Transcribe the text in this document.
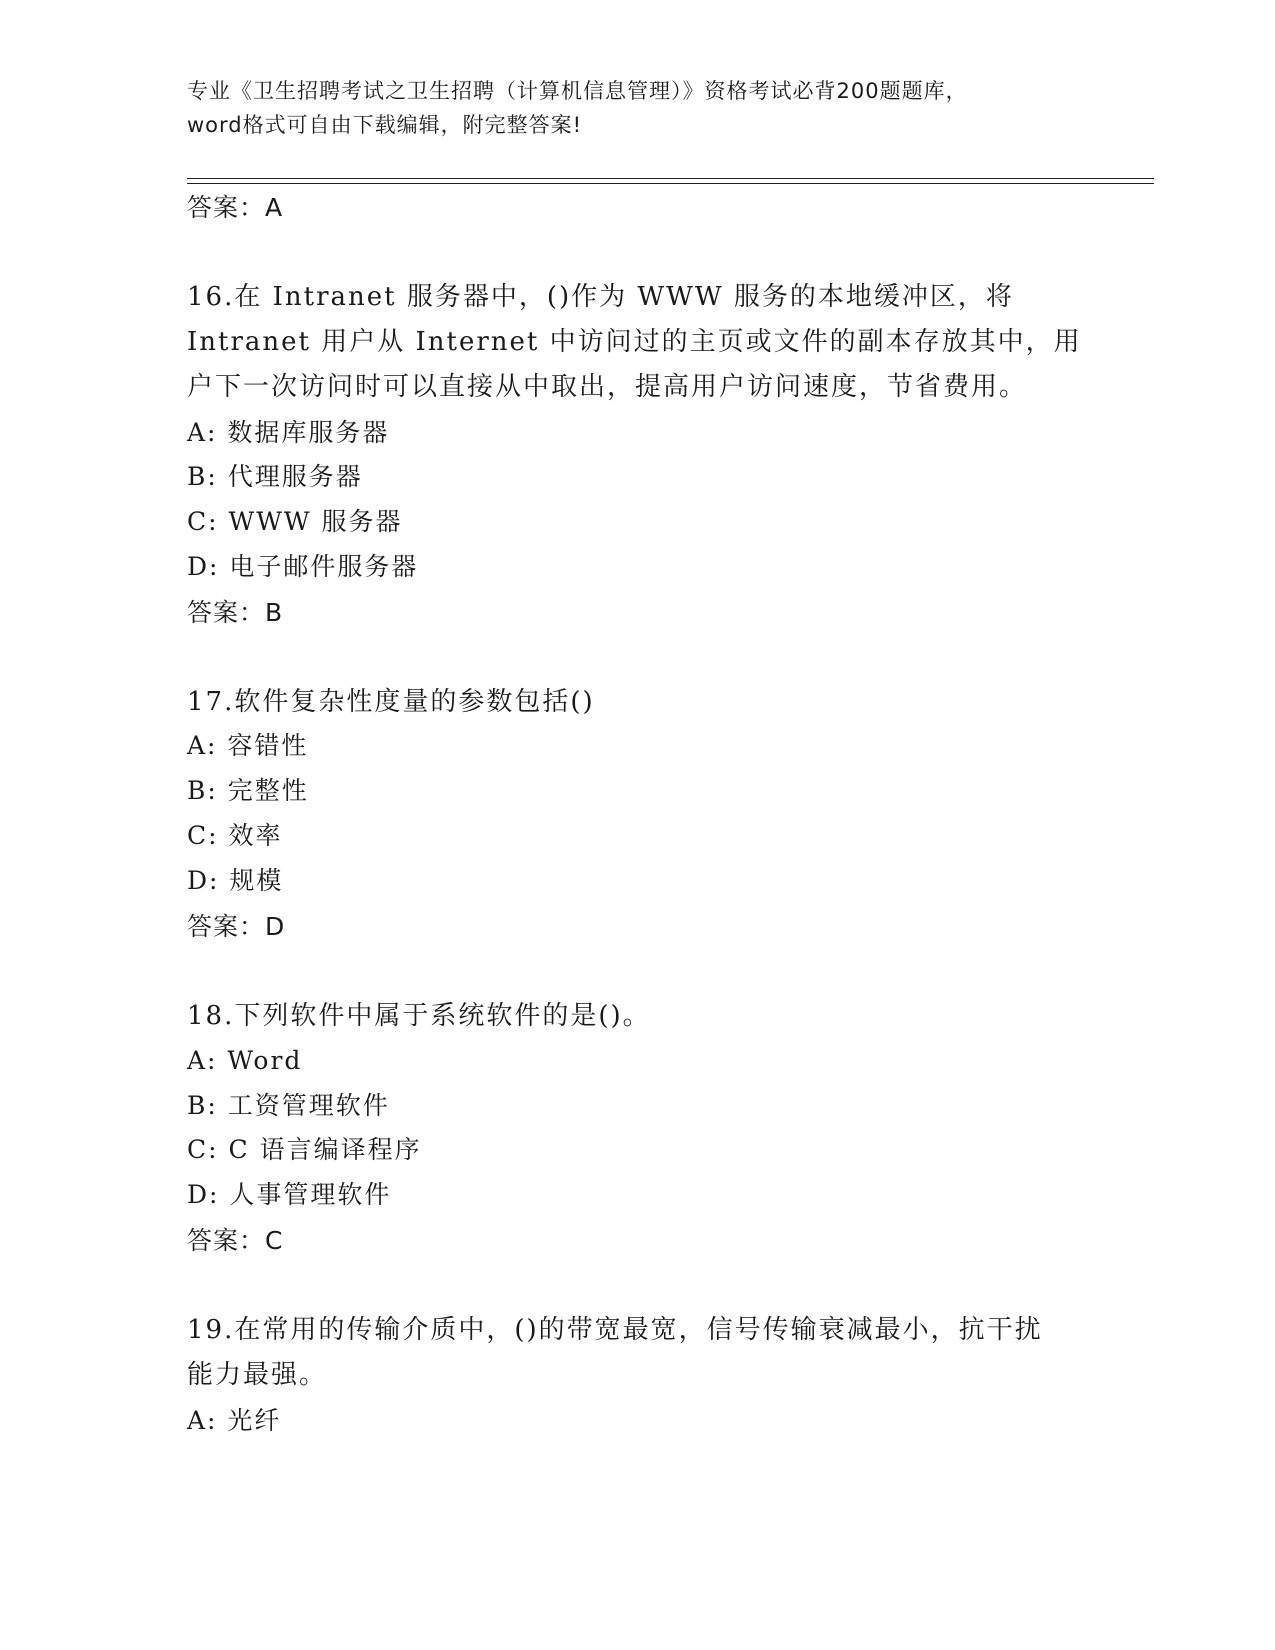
专业《卫生招聘考试之卫生招聘（计算机信息管理）》资格考试必背200题题库，
word格式可自由下载编辑，附完整答案!
答案：A
16.在 Intranet 服务器中，()作为 WWW 服务的本地缓冲区，将
Intranet 用户从 Internet 中访问过的主页或文件的副本存放其中，用
户下一次访问时可以直接从中取出，提高用户访问速度，节省费用。
A: 数据库服务器
B: 代理服务器
C: WWW 服务器
D: 电子邮件服务器
答案：B
17.软件复杂性度量的参数包括()
A: 容错性
B: 完整性
C: 效率
D: 规模
答案：D
18.下列软件中属于系统软件的是()。
A: Word
B: 工资管理软件
C: C 语言编译程序
D: 人事管理软件
答案：C
19.在常用的传输介质中，()的带宽最宽，信号传输衰减最小，抗干扰
能力最强。
A: 光纤
